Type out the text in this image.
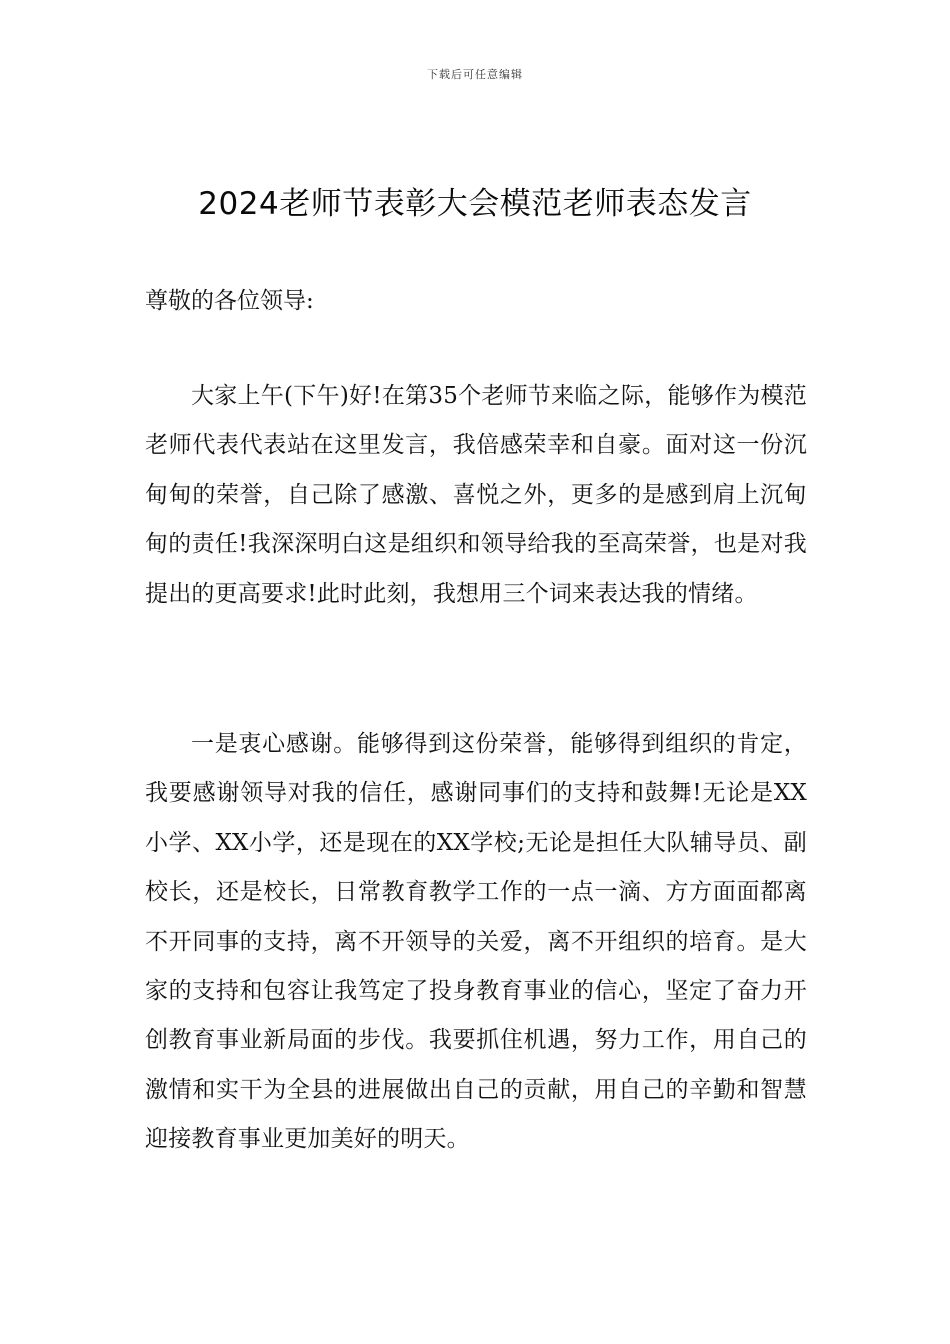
下载后可任意编辑
2024老师节表彰大会模范老师表态发言
尊敬的各位领导:

大家上午(下午)好!在第35个老师节来临之际，能够作为模范老师代表代表站在这里发言，我倍感荣幸和自豪。面对这一份沉甸甸的荣誉，自己除了感激、喜悦之外，更多的是感到肩上沉甸甸的责任!我深深明白这是组织和领导给我的至高荣誉，也是对我提出的更高要求!此时此刻，我想用三个词来表达我的情绪。

一是衷心感谢。能够得到这份荣誉，能够得到组织的肯定，我要感谢领导对我的信任，感谢同事们的支持和鼓舞!无论是XX小学、XX小学，还是现在的XX学校;无论是担任大队辅导员、副校长，还是校长，日常教育教学工作的一点一滴、方方面面都离不开同事的支持，离不开领导的关爱，离不开组织的培育。是大家的支持和包容让我笃定了投身教育事业的信心，坚定了奋力开创教育事业新局面的步伐。我要抓住机遇，努力工作，用自己的激情和实干为全县的进展做出自己的贡献，用自己的辛勤和智慧迎接教育事业更加美好的明天。
